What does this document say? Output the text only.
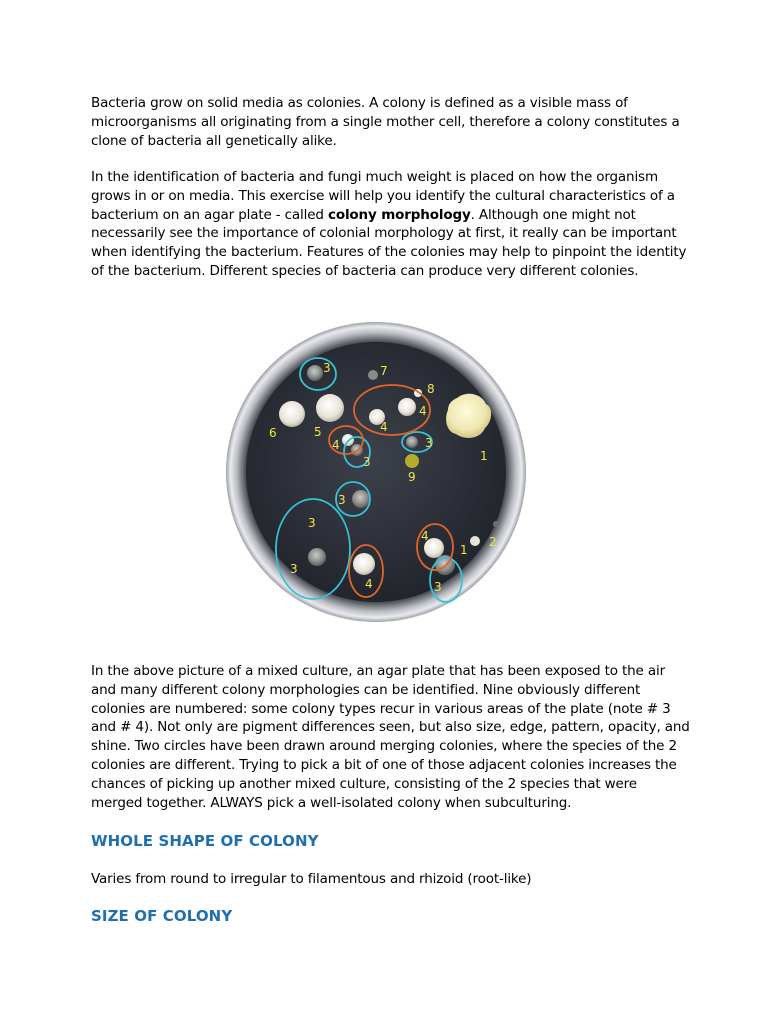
Bacteria grow on solid media as colonies. A colony is defined as a visible mass of microorganisms all originating from a single mother cell, therefore a colony constitutes a clone of bacteria all genetically alike.

In the identification of bacteria and fungi much weight is placed on how the organism grows in or on media. This exercise will help you identify the cultural characteristics of a bacterium on an agar plate - called colony morphology. Although one might not necessarily see the importance of colonial morphology at first, it really can be important when identifying the bacterium. Features of the colonies may help to pinpoint the identity of the bacterium. Different species of bacteria can produce very different colonies.

1
1
2
3
3
3
3
3
3
3
4
4
4
4
4
5
6
7
8
9

In the above picture of a mixed culture, an agar plate that has been exposed to the air and many different colony morphologies can be identified. Nine obviously different colonies are numbered: some colony types recur in various areas of the plate (note # 3 and # 4). Not only are pigment differences seen, but also size, edge, pattern, opacity, and shine. Two circles have been drawn around merging colonies, where the species of the 2 colonies are different. Trying to pick a bit of one of those adjacent colonies increases the chances of picking up another mixed culture, consisting of the 2 species that were merged together. ALWAYS pick a well-isolated colony when subculturing.

WHOLE SHAPE OF COLONY

Varies from round to irregular to filamentous and rhizoid (root-like)

SIZE OF COLONY
